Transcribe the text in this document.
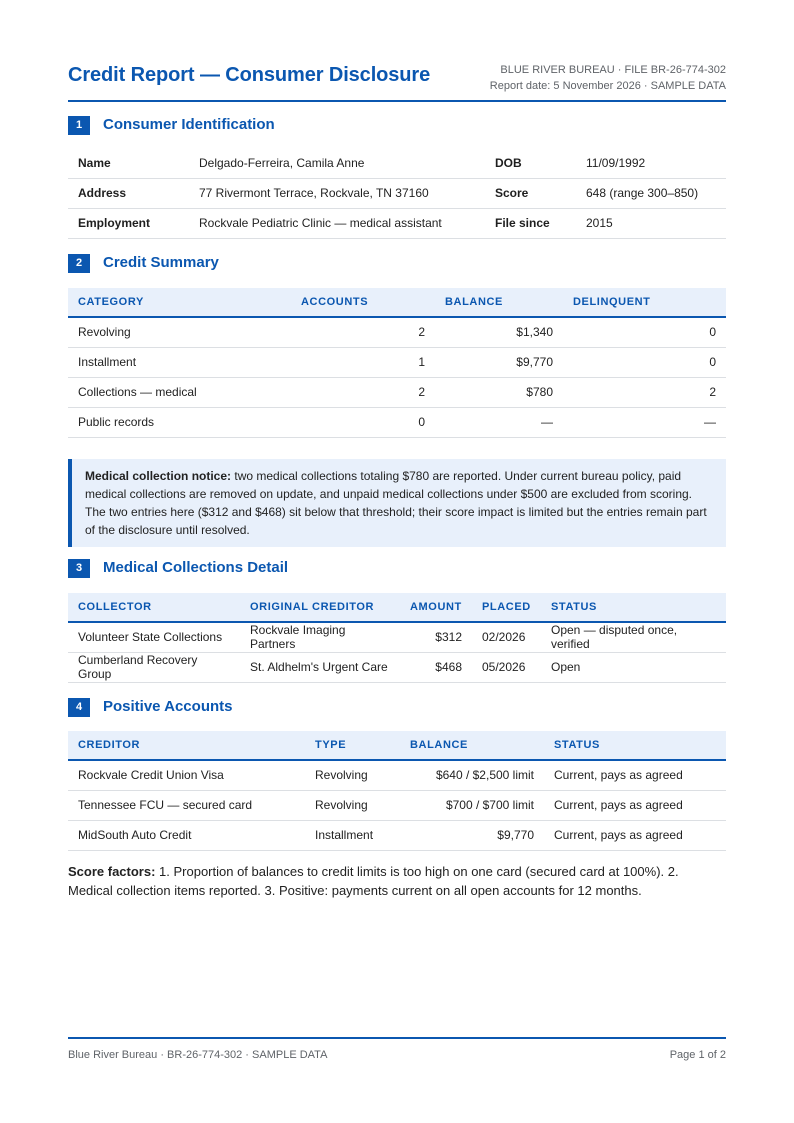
Credit Report — Consumer Disclosure	BLUE RIVER BUREAU · FILE BR-26-774-302
Report date: 5 November 2026 · SAMPLE DATA
1	Consumer Identification
Name	Delgado-Ferreira, Camila Anne	DOB	11/09/1992
Address	77 Rivermont Terrace, Rockvale, TN 37160	Score	648 (range 300–850)
Employment	Rockvale Pediatric Clinic — medical assistant	File since	2015
2	Credit Summary
CATEGORY	ACCOUNTS	BALANCE	DELINQUENT
Revolving	2	$1,340	0
Installment	1	$9,770	0
Collections — medical	2	$780	2
Public records	0	—	—
Medical collection notice: two medical collections totaling $780 are reported. Under current bureau policy, paid medical collections are removed on update, and unpaid medical collections under $500 are excluded from scoring. The two entries here ($312 and $468) sit below that threshold; their score impact is limited but the entries remain part of the disclosure until resolved.
3	Medical Collections Detail
COLLECTOR	ORIGINAL CREDITOR	AMOUNT	PLACED	STATUS
Volunteer State Collections	Rockvale Imaging Partners	$312	02/2026	Open — disputed once, verified
Cumberland Recovery Group	St. Aldhelm's Urgent Care	$468	05/2026	Open
4	Positive Accounts
CREDITOR	TYPE	BALANCE	STATUS
Rockvale Credit Union Visa	Revolving	$640 / $2,500 limit	Current, pays as agreed
Tennessee FCU — secured card	Revolving	$700 / $700 limit	Current, pays as agreed
MidSouth Auto Credit	Installment	$9,770	Current, pays as agreed
Score factors: 1. Proportion of balances to credit limits is too high on one card (secured card at 100%). 2. Medical collection items reported. 3. Positive: payments current on all open accounts for 12 months.
Blue River Bureau · BR-26-774-302 · SAMPLE DATA	Page 1 of 2
